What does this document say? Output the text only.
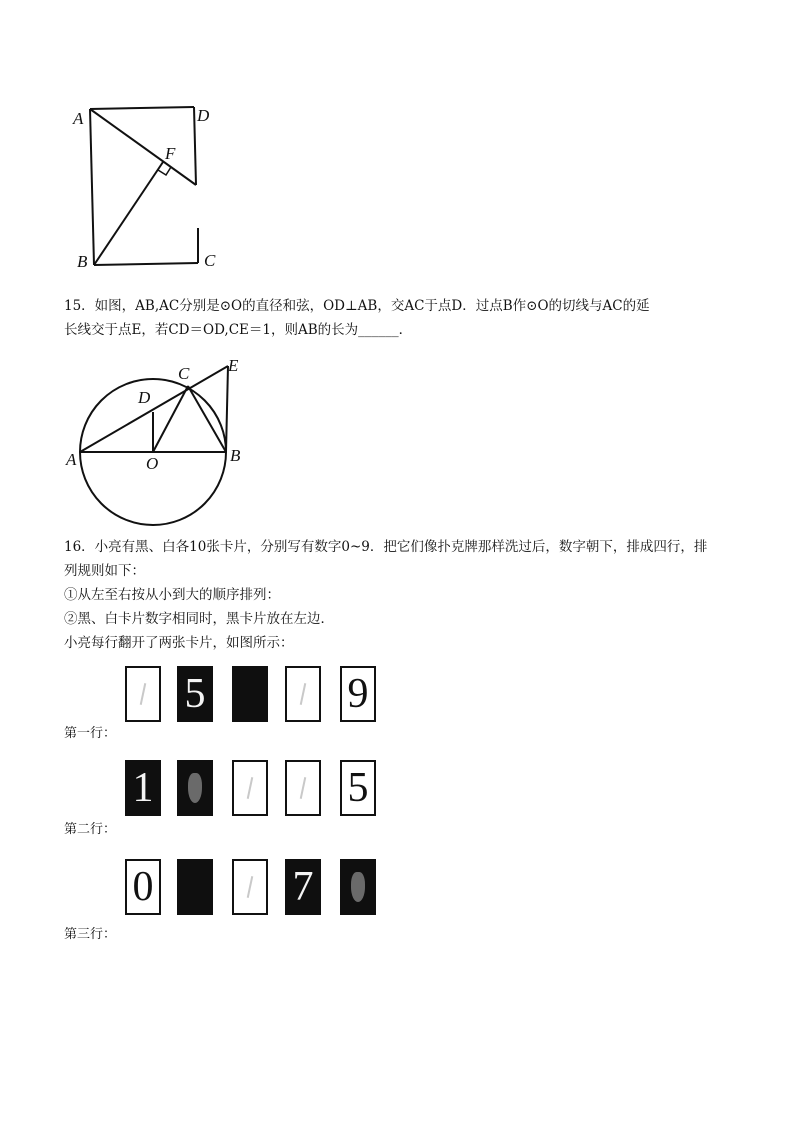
A	D
F
B	C
15．如图，AB,AC分别是⊙O的直径和弦，OD⊥AB，交AC于点D．过点B作⊙O的切线与AC的延
长线交于点E，若CD＝OD,CE＝1，则AB的长为______．
C E
D
A	O	B
16．小亮有黑、白各10张卡片，分别写有数字0~9．把它们像扑克牌那样洗过后，数字朝下，排成四行，排
列规则如下：
①从左至右按从小到大的顺序排列：
②黑、白卡片数字相同时，黑卡片放在左边．
小亮每行翻开了两张卡片，如图所示：
第一行：
5	9
第二行：
1	5
第三行：
0	7
